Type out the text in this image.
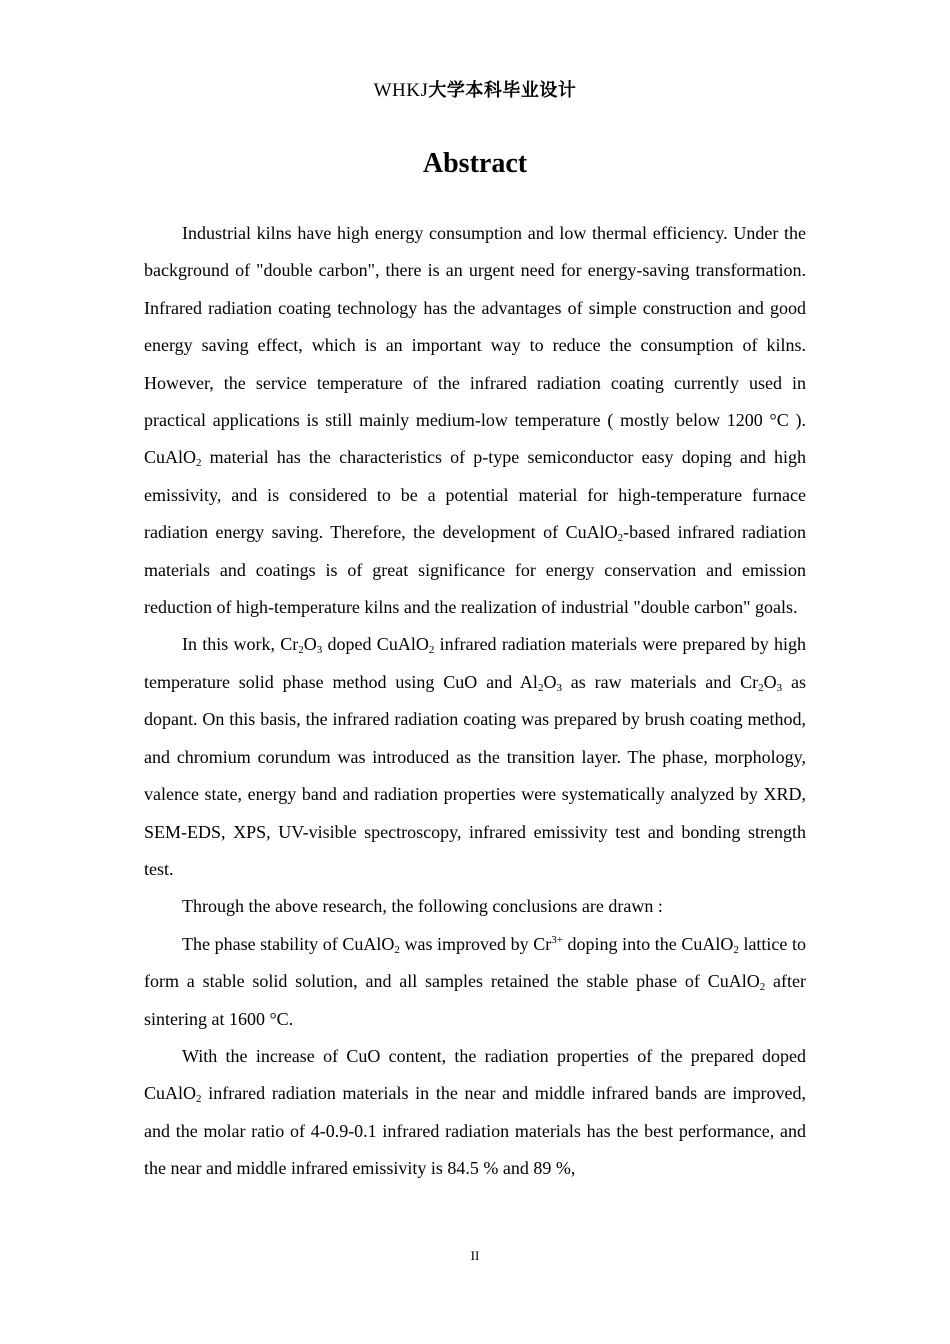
WHKJ大学本科毕业设计
Abstract

Industrial kilns have high energy consumption and low thermal efficiency. Under the background of "double carbon", there is an urgent need for energy-saving transformation. Infrared radiation coating technology has the advantages of simple construction and good energy saving effect, which is an important way to reduce the consumption of kilns. However, the service temperature of the infrared radiation coating currently used in practical applications is still mainly medium-low temperature ( mostly below 1200 °C ). CuAlO$_2$ material has the characteristics of p-type semiconductor easy doping and high emissivity, and is considered to be a potential material for high-temperature furnace radiation energy saving. Therefore, the development of CuAlO$_2$-based infrared radiation materials and coatings is of great significance for energy conservation and emission reduction of high-temperature kilns and the realization of industrial "double carbon" goals.

In this work, $Cr_2O_3$ doped CuAlO$_2$ infrared radiation materials were prepared by high temperature solid phase method using CuO and $Al_2O_3$ as raw materials and $Cr_2O_3$ as dopant. On this basis, the infrared radiation coating was prepared by brush coating method, and chromium corundum was introduced as the transition layer. The phase, morphology, valence state, energy band and radiation properties were systematically analyzed by XRD, SEM-EDS, XPS, UV-visible spectroscopy, infrared emissivity test and bonding strength test.

Through the above research, the following conclusions are drawn :

The phase stability of CuAlO$_2$ was improved by $Cr^{3+}$ doping into the CuAlO$_2$ lattice to form a stable solid solution, and all samples retained the stable phase of CuAlO$_2$ after sintering at 1600 °C.

With the increase of CuO content, the radiation properties of the prepared doped CuAlO$_2$ infrared radiation materials in the near and middle infrared bands are improved, and the molar ratio of 4-0.9-0.1 infrared radiation materials has the best performance, and the near and middle infrared emissivity is 84.5 % and 89 %,

II
